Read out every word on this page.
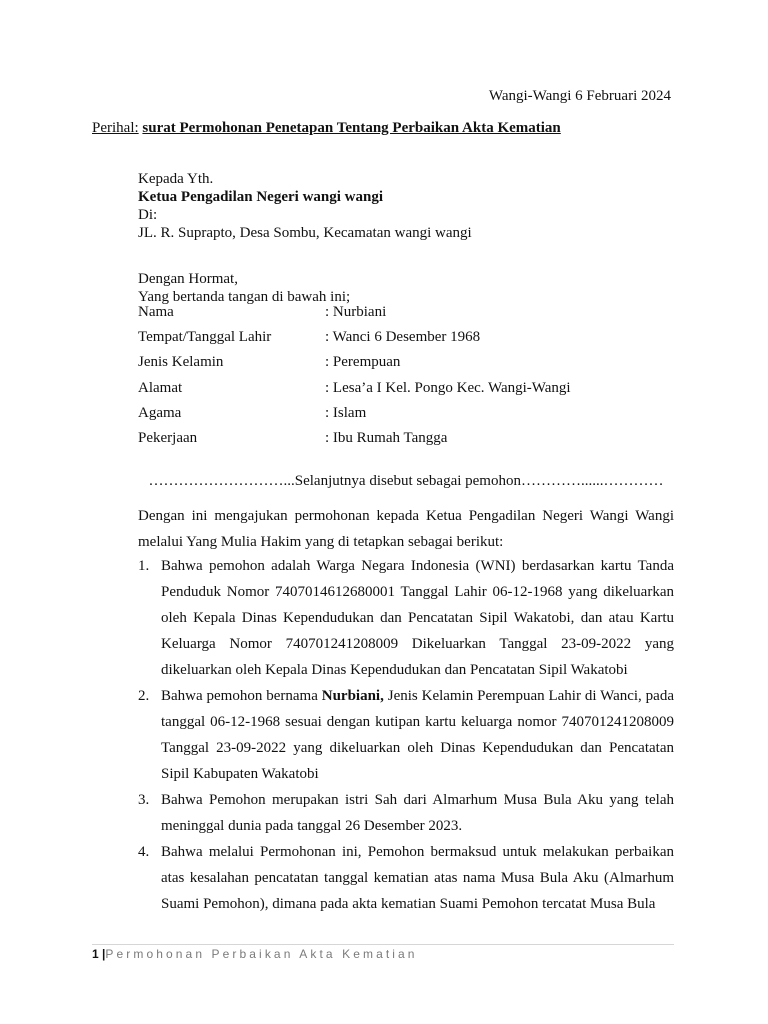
Wangi-Wangi 6 Februari 2024
Perihal: surat Permohonan Penetapan Tentang Perbaikan Akta Kematian
Kepada Yth.
Ketua Pengadilan Negeri wangi wangi
Di:
JL. R. Suprapto, Desa Sombu, Kecamatan wangi wangi
Dengan Hormat,
Yang bertanda tangan di bawah ini;
Nama	: Nurbiani
Tempat/Tanggal Lahir	: Wanci 6 Desember 1968
Jenis Kelamin	: Perempuan
Alamat	: Lesa’a I Kel. Pongo Kec. Wangi-Wangi
Agama	: Islam
Pekerjaan	: Ibu Rumah Tangga
………………………...Selanjutnya disebut sebagai pemohon…………......…………
Dengan ini mengajukan permohonan kepada Ketua Pengadilan Negeri Wangi Wangi melalui Yang Mulia Hakim yang di tetapkan sebagai berikut:
1. Bahwa pemohon adalah Warga Negara Indonesia (WNI) berdasarkan kartu Tanda Penduduk Nomor 7407014612680001 Tanggal Lahir 06-12-1968 yang dikeluarkan oleh Kepala Dinas Kependudukan dan Pencatatan Sipil Wakatobi, dan atau Kartu Keluarga Nomor 740701241208009 Dikeluarkan Tanggal 23-09-2022 yang dikeluarkan oleh Kepala Dinas Kependudukan dan Pencatatan Sipil Wakatobi
2. Bahwa pemohon bernama Nurbiani, Jenis Kelamin Perempuan Lahir di Wanci, pada tanggal 06-12-1968 sesuai dengan kutipan kartu keluarga nomor 740701241208009 Tanggal 23-09-2022 yang dikeluarkan oleh Dinas Kependudukan dan Pencatatan Sipil Kabupaten Wakatobi
3. Bahwa Pemohon merupakan istri Sah dari Almarhum Musa Bula Aku yang telah meninggal dunia pada tanggal 26 Desember 2023.
4. Bahwa melalui Permohonan ini, Pemohon bermaksud untuk melakukan perbaikan atas kesalahan pencatatan tanggal kematian atas nama Musa Bula Aku (Almarhum Suami Pemohon), dimana pada akta kematian Suami Pemohon tercatat Musa Bula
1 |Permohonan Perbaikan Akta Kematian
